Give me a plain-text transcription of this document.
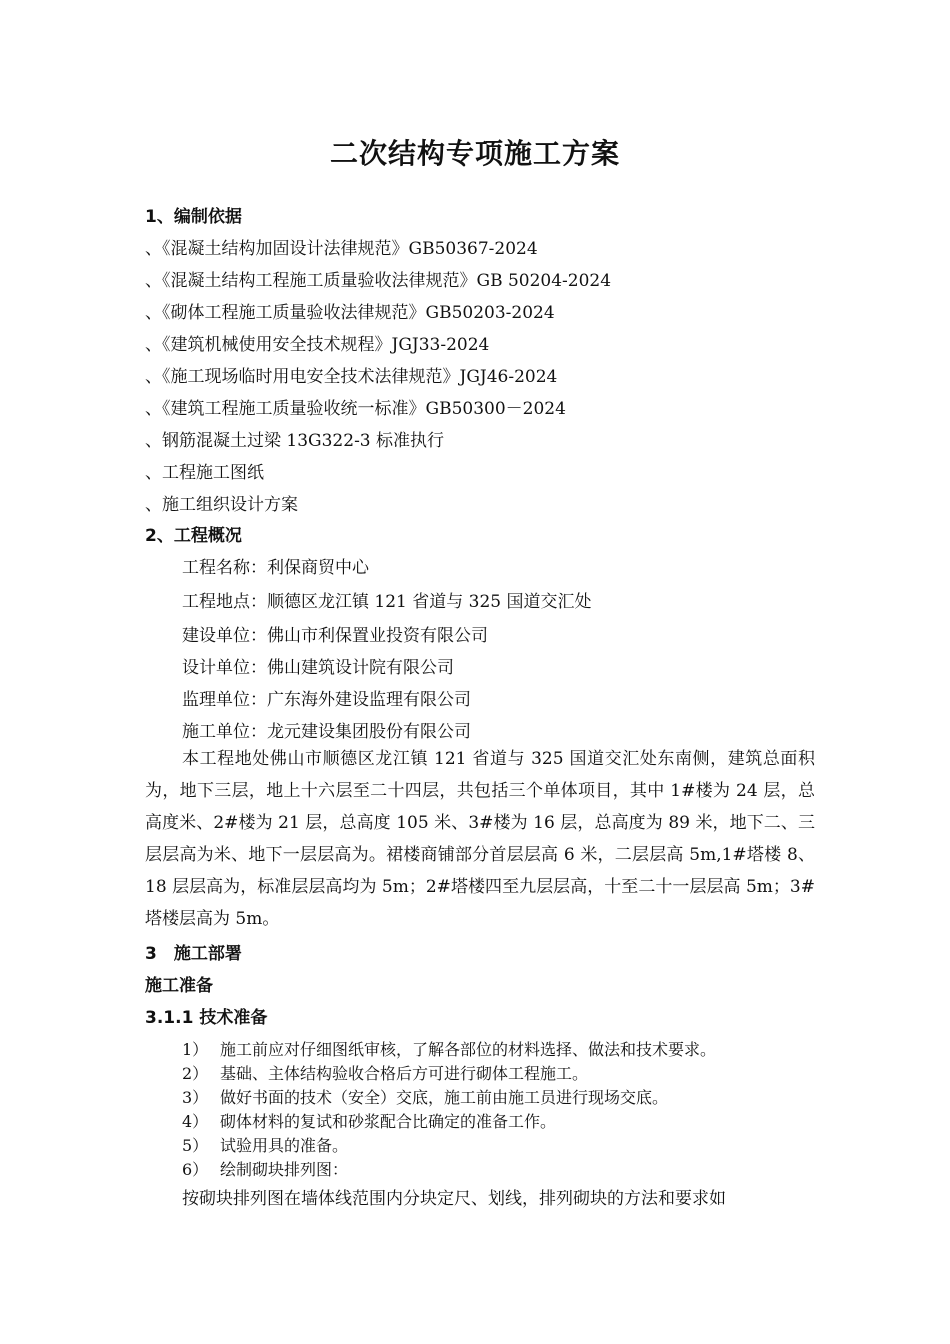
二次结构专项施工方案
1、编制依据
、《混凝土结构加固设计法律规范》GB50367-2024
、《混凝土结构工程施工质量验收法律规范》GB 50204-2024
、《砌体工程施工质量验收法律规范》GB50203-2024
、《建筑机械使用安全技术规程》JGJ33-2024
、《施工现场临时用电安全技术法律规范》JGJ46-2024
、《建筑工程施工质量验收统一标准》GB50300－2024
、钢筋混凝土过梁 13G322-3 标准执行
、工程施工图纸
、施工组织设计方案
2、工程概况
工程名称：利保商贸中心
工程地点：顺德区龙江镇 121 省道与 325 国道交汇处
建设单位：佛山市利保置业投资有限公司
设计单位：佛山建筑设计院有限公司
监理单位：广东海外建设监理有限公司
施工单位：龙元建设集团股份有限公司
本工程地处佛山市顺德区龙江镇 121 省道与 325 国道交汇处东南侧，建筑总面积为，地下三层，地上十六层至二十四层，共包括三个单体项目，其中 1#楼为 24 层，总高度米、2#楼为 21 层，总高度 105 米、3#楼为 16 层，总高度为 89 米，地下二、三层层高为米、地下一层层高为。裙楼商铺部分首层层高 6 米，二层层高 5m,1#塔楼 8、18 层层高为，标准层层高均为 5m；2#塔楼四至九层层高，十至二十一层层高 5m；3#塔楼层高为 5m。
3　施工部署
施工准备
3.1.1 技术准备
1） 施工前应对仔细图纸审核，了解各部位的材料选择、做法和技术要求。
2） 基础、主体结构验收合格后方可进行砌体工程施工。
3） 做好书面的技术（安全）交底，施工前由施工员进行现场交底。
4） 砌体材料的复试和砂浆配合比确定的准备工作。
5） 试验用具的准备。
6） 绘制砌块排列图：
按砌块排列图在墙体线范围内分块定尺、划线，排列砌块的方法和要求如
